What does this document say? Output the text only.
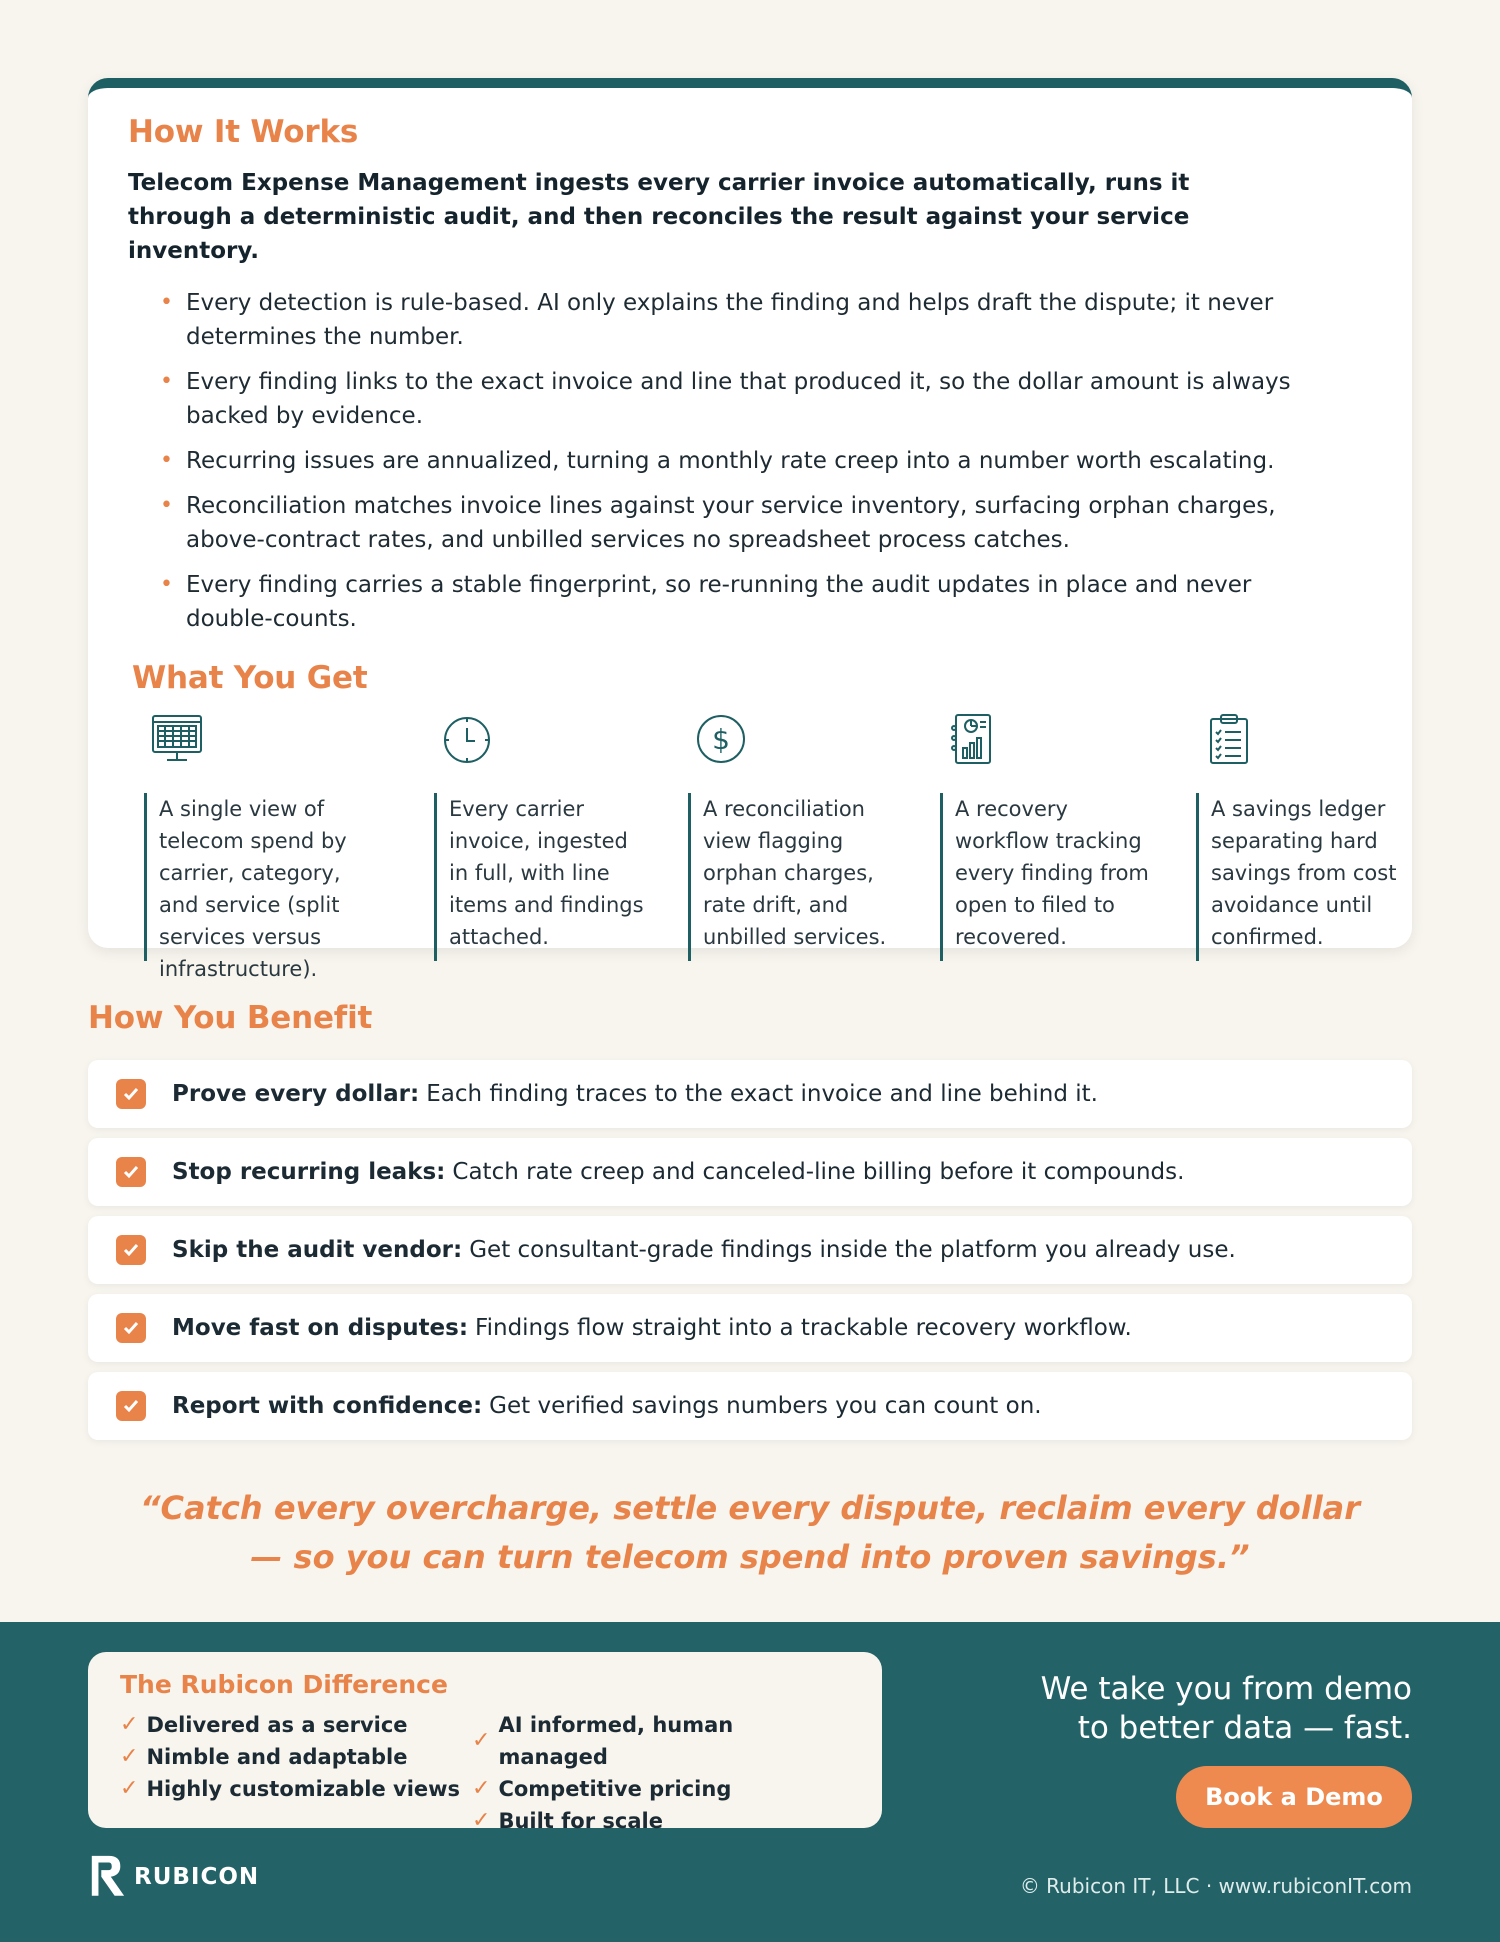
How It Works

Telecom Expense Management ingests every carrier invoice automatically, runs it through a deterministic audit, and then reconciles the result against your service inventory.

• Every detection is rule-based. AI only explains the finding and helps draft the dispute; it never determines the number.
• Every finding links to the exact invoice and line that produced it, so the dollar amount is always backed by evidence.
• Recurring issues are annualized, turning a monthly rate creep into a number worth escalating.
• Reconciliation matches invoice lines against your service inventory, surfacing orphan charges, above-contract rates, and unbilled services no spreadsheet process catches.
• Every finding carries a stable fingerprint, so re-running the audit updates in place and never double-counts.
What You Get
A single view of telecom spend by carrier, category, and service (split services versus infrastructure).
Every carrier invoice, ingested in full, with line items and findings attached.
$
A reconciliation view flagging orphan charges, rate drift, and unbilled services.
A recovery workflow tracking every finding from open to filed to recovered.
A savings ledger separating hard savings from cost avoidance until confirmed.
How You Benefit
Prove every dollar: Each finding traces to the exact invoice and line behind it.
Stop recurring leaks: Catch rate creep and canceled-line billing before it compounds.
Skip the audit vendor: Get consultant-grade findings inside the platform you already use.
Move fast on disputes: Findings flow straight into a trackable recovery workflow.
Report with confidence: Get verified savings numbers you can count on.
“Catch every overcharge, settle every dispute, reclaim every dollar
— so you can turn telecom spend into proven savings.”
The Rubicon Difference
✓ Delivered as a service
✓ Nimble and adaptable
✓ Highly customizable views
✓
AI informed, human managed
✓ Competitive pricing
✓ Built for scale
We take you from demo
to better data — fast.
Book a Demo
RUBICON	© Rubicon IT, LLC · www.rubiconIT.com
